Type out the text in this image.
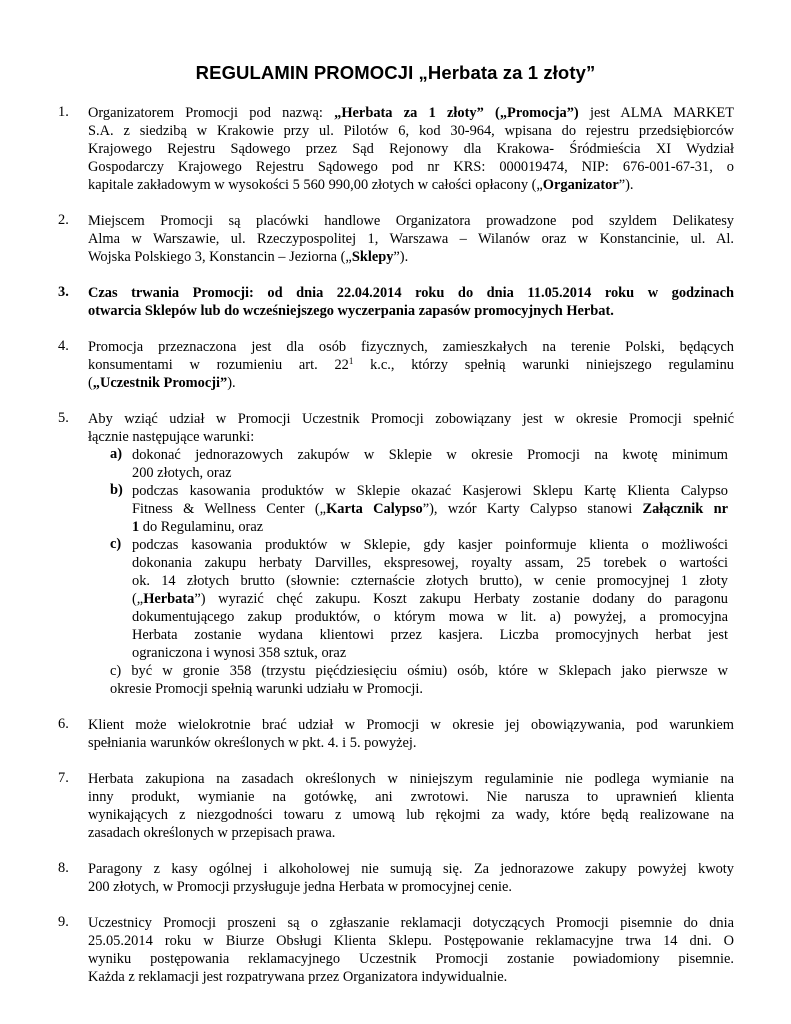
REGULAMIN PROMOCJI „Herbata za 1 złoty”
1.	Organizatorem Promocji pod nazwą: „Herbata za 1 złoty” („Promocja”) jest ALMA MARKET
S.A. z siedzibą w Krakowie przy ul. Pilotów 6, kod 30-964, wpisana do rejestru przedsiębiorców
Krajowego Rejestru Sądowego przez Sąd Rejonowy dla Krakowa- Śródmieścia XI Wydział
Gospodarczy Krajowego Rejestru Sądowego pod nr KRS: 000019474, NIP: 676-001-67-31, o
kapitale zakładowym w wysokości 5 560 990,00 złotych w całości opłacony („Organizator”).
2.	Miejscem Promocji są placówki handlowe Organizatora prowadzone pod szyldem Delikatesy
Alma w Warszawie, ul. Rzeczypospolitej 1, Warszawa – Wilanów oraz w Konstancinie, ul. Al.
Wojska Polskiego 3, Konstancin – Jeziorna („Sklepy”).
3.	Czas trwania Promocji: od dnia 22.04.2014 roku do dnia 11.05.2014 roku w godzinach
otwarcia Sklepów lub do wcześniejszego wyczerpania zapasów promocyjnych Herbat.
4.	Promocja przeznaczona jest dla osób fizycznych, zamieszkałych na terenie Polski, będących
konsumentami w rozumieniu art. $22^1$ k.c., którzy spełnią warunki niniejszego regulaminu
(„Uczestnik Promocji”).
5.	Aby wziąć udział w Promocji Uczestnik Promocji zobowiązany jest w okresie Promocji spełnić
łącznie następujące warunki:
a) dokonać jednorazowych zakupów w Sklepie w okresie Promocji na kwotę minimum
200 złotych, oraz
b) podczas kasowania produktów w Sklepie okazać Kasjerowi Sklepu Kartę Klienta Calypso
Fitness & Wellness Center („Karta Calypso”), wzór Karty Calypso stanowi Załącznik nr
1 do Regulaminu, oraz
c) podczas kasowania produktów w Sklepie, gdy kasjer poinformuje klienta o możliwości
dokonania zakupu herbaty Darvilles, ekspresowej, royalty assam, 25 torebek o wartości
ok. 14 złotych brutto (słownie: czternaście złotych brutto), w cenie promocyjnej 1 złoty
(„Herbata”) wyrazić chęć zakupu. Koszt zakupu Herbaty zostanie dodany do paragonu
dokumentującego zakup produktów, o którym mowa w lit. a) powyżej, a promocyjna
Herbata zostanie wydana klientowi przez kasjera. Liczba promocyjnych herbat jest
ograniczona i wynosi 358 sztuk, oraz
c) być w gronie 358 (trzystu pięćdziesięciu ośmiu) osób, które w Sklepach jako pierwsze w
okresie Promocji spełnią warunki udziału w Promocji.
6.	Klient może wielokrotnie brać udział w Promocji w okresie jej obowiązywania, pod warunkiem
spełniania warunków określonych w pkt. 4. i 5. powyżej.
7.	Herbata zakupiona na zasadach określonych w niniejszym regulaminie nie podlega wymianie na
inny produkt, wymianie na gotówkę, ani zwrotowi. Nie narusza to uprawnień klienta
wynikających z niezgodności towaru z umową lub rękojmi za wady, które będą realizowane na
zasadach określonych w przepisach prawa.
8.	Paragony z kasy ogólnej i alkoholowej nie sumują się. Za jednorazowe zakupy powyżej kwoty
200 złotych, w Promocji przysługuje jedna Herbata w promocyjnej cenie.
9.	Uczestnicy Promocji proszeni są o zgłaszanie reklamacji dotyczących Promocji pisemnie do dnia
25.05.2014 roku w Biurze Obsługi Klienta Sklepu. Postępowanie reklamacyjne trwa 14 dni. O
wyniku postępowania reklamacyjnego Uczestnik Promocji zostanie powiadomiony pisemnie.
Każda z reklamacji jest rozpatrywana przez Organizatora indywidualnie.
